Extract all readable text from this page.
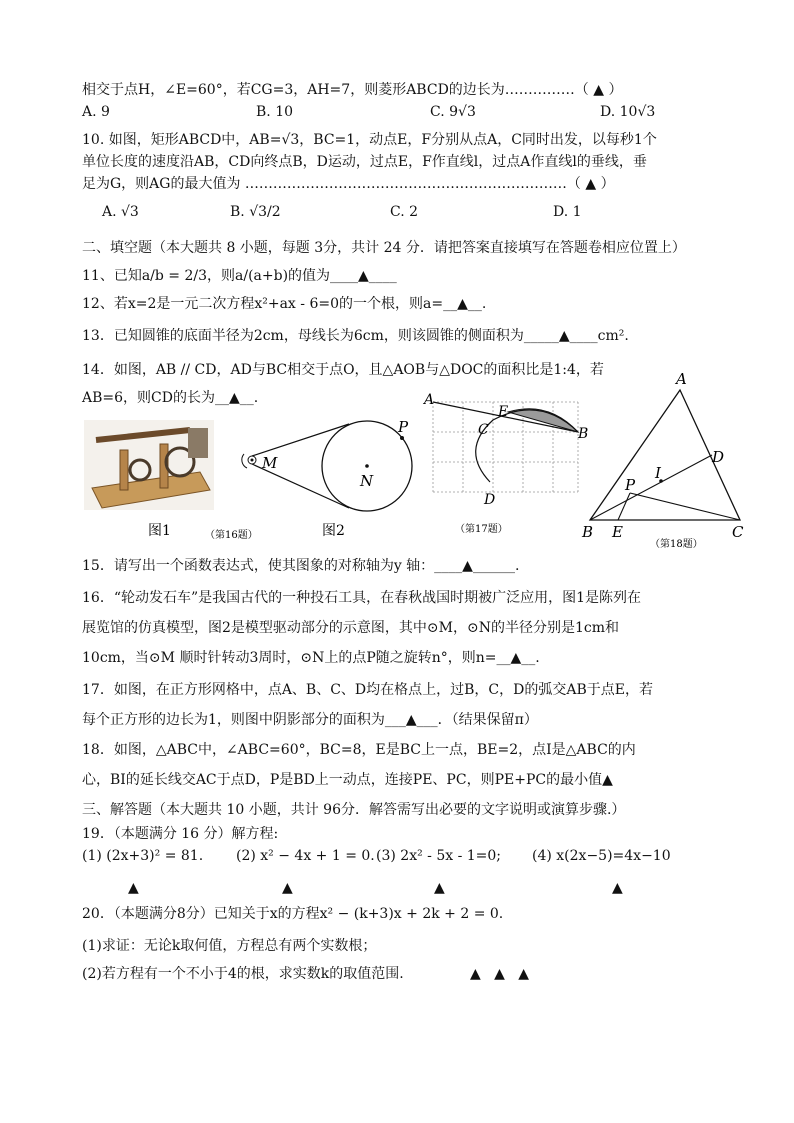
相交于点H，∠E=60°，若CG=3，AH=7，则菱形ABCD的边长为……………（ ▲ ）
A. 9	B. 10	C. 9√3	D. 10√3
10. 如图，矩形ABCD中，AB=√3，BC=1，动点E，F分别从点A，C同时出发，以每秒1个
单位长度的速度沿AB，CD向终点B，D运动，过点E，F作直线l，过点A作直线l的垂线，垂
足为G，则AG的最大值为 ……………………………………………………………（ ▲ ）
A. √3	B. √3/2	C. 2	D. 1
二、填空题（本大题共 8 小题，每题 3分，共计 24 分．请把答案直接填写在答题卷相应位置上）
11、已知a/b = 2/3，则a/(a+b)的值为____▲____
12、若x=2是一元二次方程x²+ax - 6=0的一个根，则a=__▲__.
13．已知圆锥的底面半径为2cm，母线长为6cm，则该圆锥的侧面积为_____▲____cm².
14．如图，AB // CD，AD与BC相交于点O，且△AOB与△DOC的面积比是1:4，若
AB=6，则CD的长为__▲__.
图1	（第16题）
M
N
P
图2
A
E
C	B
D
（第17题）
A
D
I
P
B E	C
（第18题）
15．请写出一个函数表达式，使其图象的对称轴为y 轴：____▲______.
16．“轮动发石车”是我国古代的一种投石工具，在春秋战国时期被广泛应用，图1是陈列在
展览馆的仿真模型，图2是模型驱动部分的示意图，其中⊙M，⊙N的半径分别是1cm和
10cm，当⊙M 顺时针转动3周时，⊙N上的点P随之旋转n°，则n=__▲__.
17．如图，在正方形网格中，点A、B、C、D均在格点上，过B，C，D的弧交AB于点E，若
每个正方形的边长为1，则图中阴影部分的面积为___▲___．（结果保留π）
18．如图，△ABC中，∠ABC=60°，BC=8，E是BC上一点，BE=2，点I是△ABC的内
心，BI的延长线交AC于点D，P是BD上一动点，连接PE、PC，则PE+PC的最小值▲
三、解答题（本大题共 10 小题，共计 96分．解答需写出必要的文字说明或演算步骤.）
19．（本题满分 16 分）解方程:
(1) (2x+3)² = 81. (2) x² − 4x + 1 = 0. (3) 2x² - 5x - 1=0; (4) x(2x−5)=4x−10
▲	▲	▲	▲
20．（本题满分8分）已知关于x的方程x² − (k+3)x + 2k + 2 = 0.
(1)求证：无论k取何值，方程总有两个实数根；
(2)若方程有一个不小于4的根，求实数k的取值范围.	▲   ▲   ▲
